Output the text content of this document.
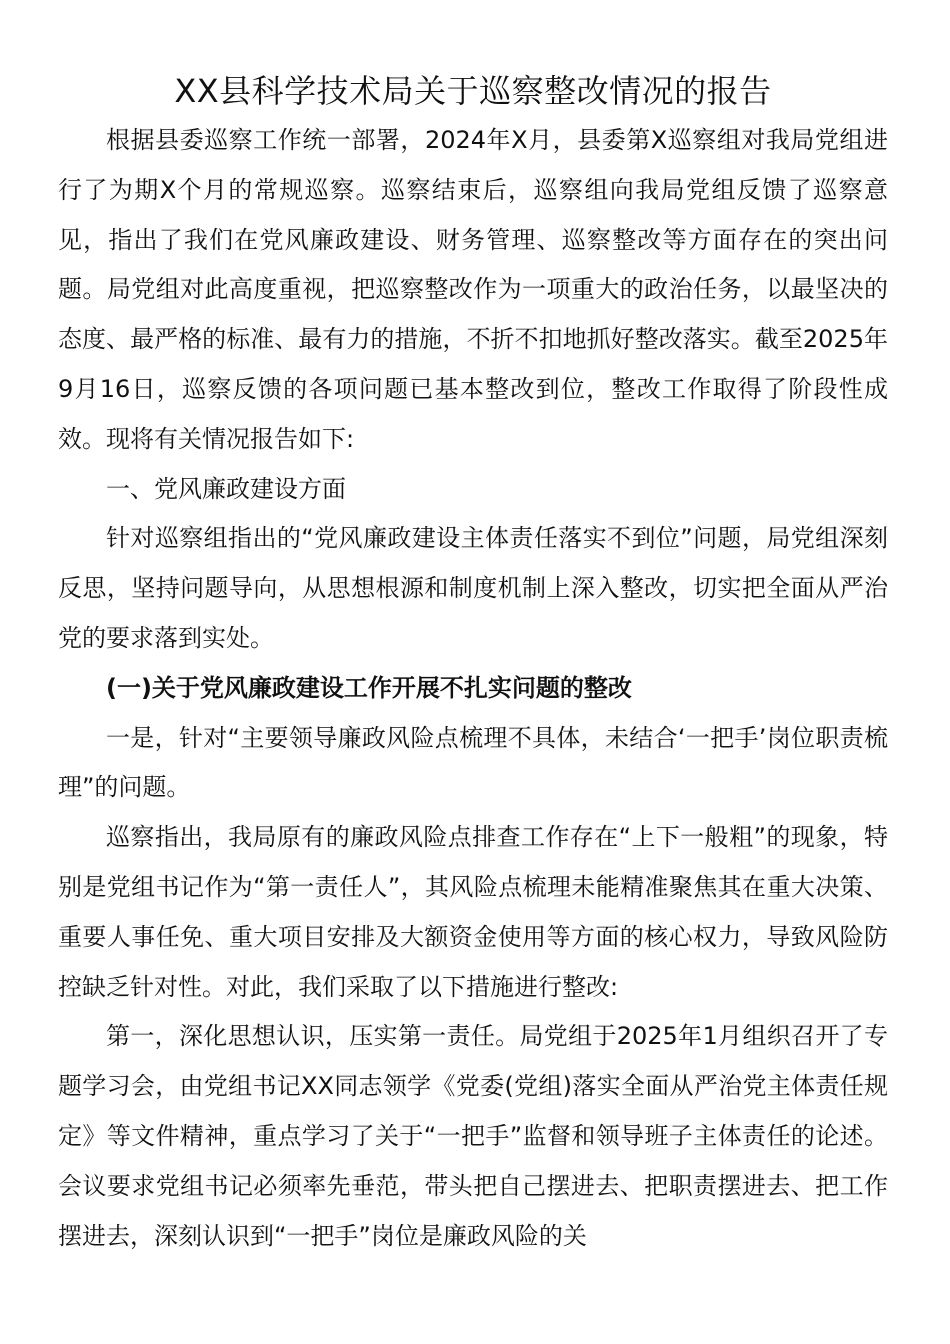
XX县科学技术局关于巡察整改情况的报告

根据县委巡察工作统一部署，2024年X月，县委第X巡察组对我局党组进行了为期X个月的常规巡察。巡察结束后，巡察组向我局党组反馈了巡察意见，指出了我们在党风廉政建设、财务管理、巡察整改等方面存在的突出问题。局党组对此高度重视，把巡察整改作为一项重大的政治任务，以最坚决的态度、最严格的标准、最有力的措施，不折不扣地抓好整改落实。截至2025年9月16日，巡察反馈的各项问题已基本整改到位，整改工作取得了阶段性成效。现将有关情况报告如下:

一、党风廉政建设方面

针对巡察组指出的“党风廉政建设主体责任落实不到位”问题，局党组深刻反思，坚持问题导向，从思想根源和制度机制上深入整改，切实把全面从严治党的要求落到实处。

(一)关于党风廉政建设工作开展不扎实问题的整改

一是，针对“主要领导廉政风险点梳理不具体，未结合‘一把手’岗位职责梳理”的问题。

巡察指出，我局原有的廉政风险点排查工作存在“上下一般粗”的现象，特别是党组书记作为“第一责任人”，其风险点梳理未能精准聚焦其在重大决策、重要人事任免、重大项目安排及大额资金使用等方面的核心权力，导致风险防控缺乏针对性。对此，我们采取了以下措施进行整改:

第一，深化思想认识，压实第一责任。局党组于2025年1月组织召开了专题学习会，由党组书记XX同志领学《党委(党组)落实全面从严治党主体责任规定》等文件精神，重点学习了关于“一把手”监督和领导班子主体责任的论述。会议要求党组书记必须率先垂范，带头把自己摆进去、把职责摆进去、把工作摆进去，深刻认识到“一把手”岗位是廉政风险的关
